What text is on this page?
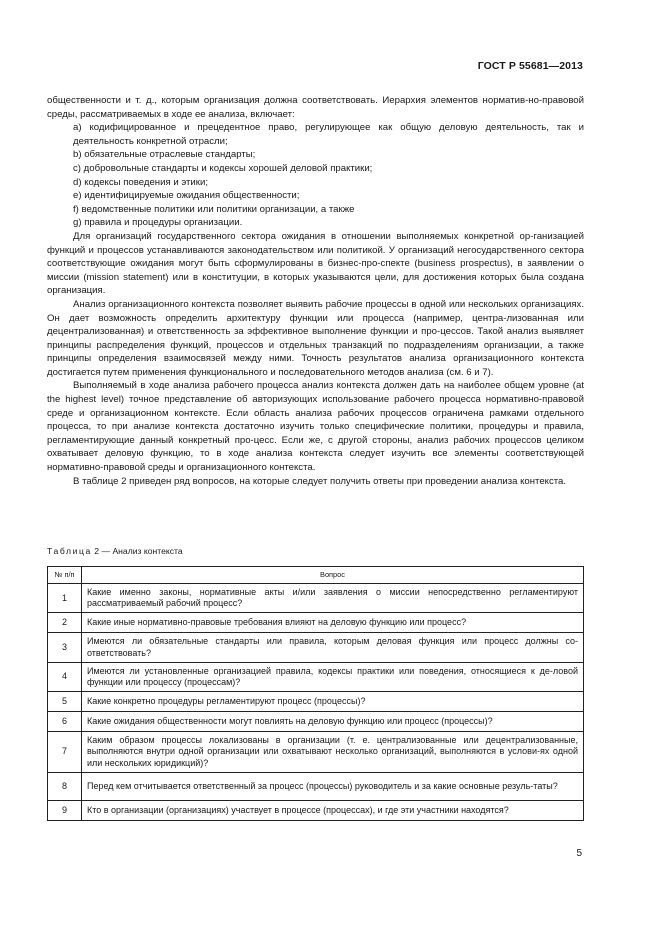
ГОСТ Р 55681—2013

общественности и т. д., которым организация должна соответствовать. Иерархия элементов норматив-но-правовой среды, рассматриваемых в ходе ее анализа, включает:

а) кодифицированное и прецедентное право, регулирующее как общую деловую деятельность, так и деятельность конкретной отрасли;

b) обязательные отраслевые стандарты;

c) добровольные стандарты и кодексы хорошей деловой практики;

d) кодексы поведения и этики;

е) идентифицируемые ожидания общественности;

f) ведомственные политики или политики организации, а также

g) правила и процедуры организации.

Для организаций государственного сектора ожидания в отношении выполняемых конкретной ор-ганизацией функций и процессов устанавливаются законодательством или политикой. У организаций негосударственного сектора соответствующие ожидания могут быть сформулированы в бизнес-про-спекте (business prospectus), в заявлении о миссии (mission statement) или в конституции, в которых указываются цели, для достижения которых была создана организация.

Анализ организационного контекста позволяет выявить рабочие процессы в одной или нескольких организациях. Он дает возможность определить архитектуру функции или процесса (например, центра-лизованная или децентрализованная) и ответственность за эффективное выполнение функции и про-цессов. Такой анализ выявляет принципы распределения функций, процессов и отдельных транзакций по подразделениям организации, а также принципы определения взаимосвязей между ними. Точность результатов анализа организационного контекста достигается путем применения функционального и последовательного методов анализа (см. 6 и 7).

Выполняемый в ходе анализа рабочего процесса анализ контекста должен дать на наиболее общем уровне (at the highest level) точное представление об авторизующих использование рабочего процесса нормативно-правовой среде и организационном контексте. Если область анализа рабочих процессов ограничена рамками отдельного процесса, то при анализе контекста достаточно изучить только специфические политики, процедуры и правила, регламентирующие данный конкретный про-цесс. Если же, с другой стороны, анализ рабочих процессов целиком охватывает деловую функцию, то в ходе анализа контекста следует изучить все элементы соответствующей нормативно-правовой среды и организационного контекста.

В таблице 2 приведен ряд вопросов, на которые следует получить ответы при проведении анализа контекста.

Таблица 2 — Анализ контекста
№ п/п	Вопрос
1	Какие именно законы, нормативные акты и/или заявления о миссии непосредственно регламентируют рассматриваемый рабочий процесс?
2	Какие иные нормативно-правовые требования влияют на деловую функцию или процесс?
3	Имеются ли обязательные стандарты или правила, которым деловая функция или процесс должны со-ответствовать?
4	Имеются ли установленные организацией правила, кодексы практики или поведения, относящиеся к де-ловой функции или процессу (процессам)?
5	Какие конкретно процедуры регламентируют процесс (процессы)?
6	Какие ожидания общественности могут повлиять на деловую функцию или процесс (процессы)?
7	Каким образом процессы локализованы в организации (т. е. централизованные или децентрализованные, выполняются внутри одной организации или охватывают несколько организаций, выполняются в услови-ях одной или нескольких юридикций)?
8	Перед кем отчитывается ответственный за процесс (процессы) руководитель и за какие основные резуль-таты?
9	Кто в организации (организациях) участвует в процессе (процессах), и где эти участники находятся?
5
